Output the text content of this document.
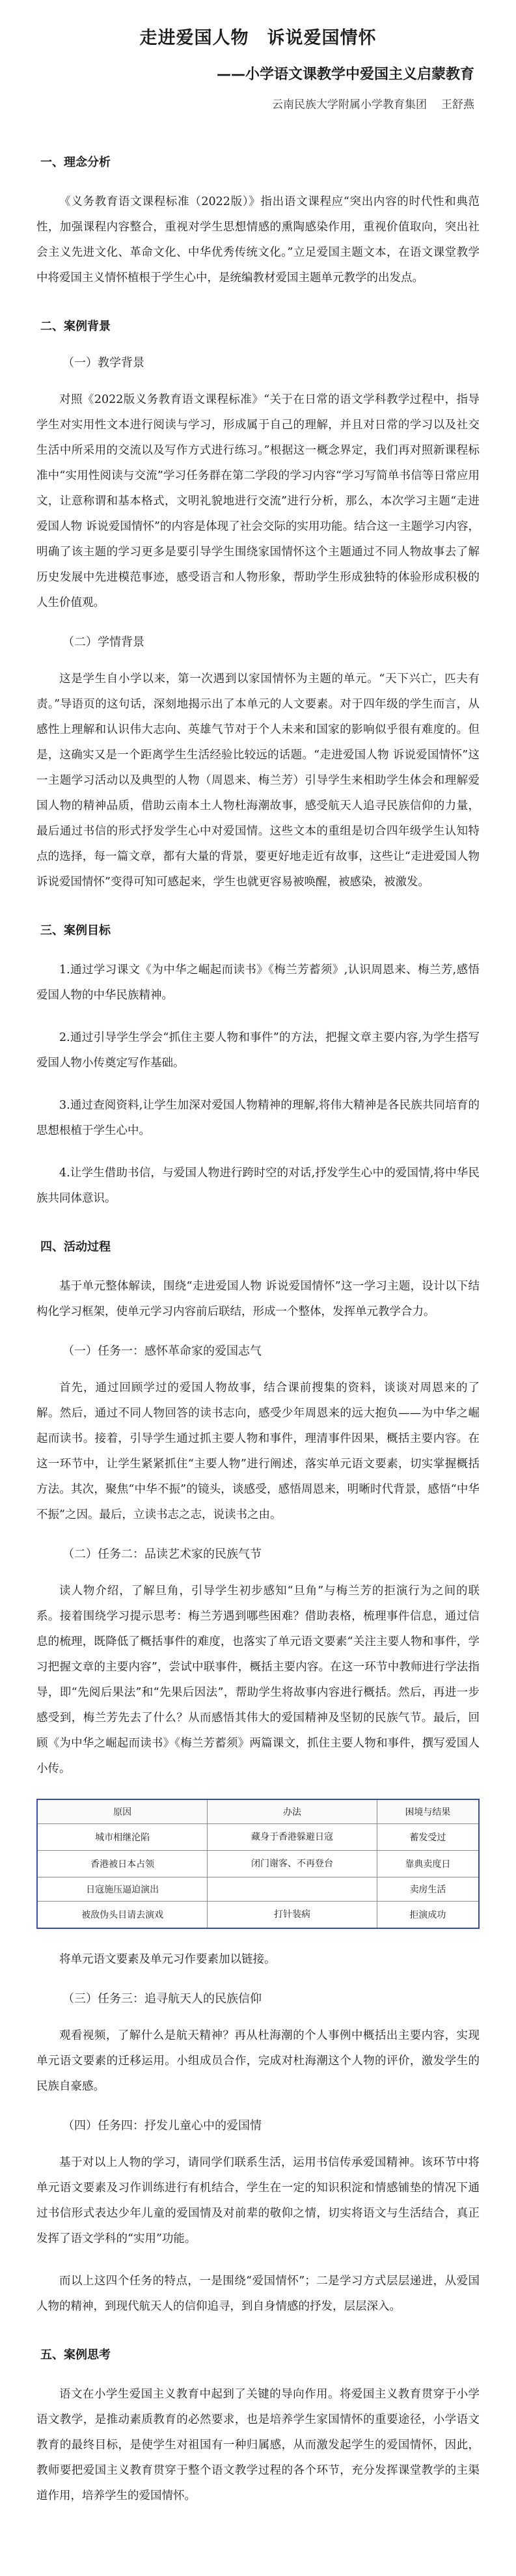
走进爱国人物 诉说爱国情怀
——小学语文课教学中爱国主义启蒙教育
云南民族大学附属小学教育集团 王舒燕
一、理念分析
《义务教育语文课程标准（2022版）》指出语文课程应“突出内容的时代性和典范性，加强课程内容整合，重视对学生思想情感的熏陶感染作用，重视价值取向，突出社会主义先进文化、革命文化、中华优秀传统文化。”立足爱国主题文本，在语文课堂教学中将爱国主义情怀植根于学生心中，是统编教材爱国主题单元教学的出发点。
二、案例背景
（一）教学背景
对照《2022版义务教育语文课程标准》“关于在日常的语文学科教学过程中，指导学生对实用性文本进行阅读与学习，形成属于自己的理解，并且对日常的学习以及社交生活中所采用的交流以及写作方式进行练习。”根据这一概念界定，我们再对照新课程标准中“实用性阅读与交流”学习任务群在第二学段的学习内容“学习写简单书信等日常应用文，让意称谓和基本格式，文明礼貌地进行交流”进行分析，那么，本次学习主题“走进爱国人物 诉说爱国情怀”的内容是体现了社会交际的实用功能。结合这一主题学习内容，明确了该主题的学习更多是要引导学生围绕家国情怀这个主题通过不同人物故事去了解历史发展中先进模范事迹，感受语言和人物形象，帮助学生形成独特的体验形成积极的人生价值观。
（二）学情背景
这是学生自小学以来，第一次遇到以家国情怀为主题的单元。“天下兴亡，匹夫有责。”导语页的这句话，深刻地揭示出了本单元的人文要素。对于四年级的学生而言，从感性上理解和认识伟大志向、英雄气节对于个人未来和国家的影响似乎很有难度的。但是，这确实又是一个距离学生生活经验比较远的话题。“走进爱国人物 诉说爱国情怀”这一主题学习活动以及典型的人物（周恩来、梅兰芳）引导学生来相助学生体会和理解爱国人物的精神品质，借助云南本土人物杜海潮故事，感受航天人追寻民族信仰的力量，最后通过书信的形式抒发学生心中对爱国情。这些文本的重组是切合四年级学生认知特点的选择，每一篇文章，都有大量的背景，要更好地走近有故事，这些让“走进爱国人物 诉说爱国情怀”变得可知可感起来，学生也就更容易被唤醒，被感染，被激发。
三、案例目标
1.通过学习课文《为中华之崛起而读书》《梅兰芳蓄须》,认识周恩来、梅兰芳,感悟爱国人物的中华民族精神。
2.通过引导学生学会“抓住主要人物和事件”的方法，把握文章主要内容,为学生搭写爱国人物小传奠定写作基础。
3.通过查阅资料,让学生加深对爱国人物精神的理解,将伟大精神是各民族共同培育的思想根植于学生心中。
4.让学生借助书信，与爱国人物进行跨时空的对话,抒发学生心中的爱国情,将中华民族共同体意识。
四、活动过程
基于单元整体解读，围绕“走进爱国人物 诉说爱国情怀”这一学习主题，设计以下结构化学习框架，使单元学习内容前后联结，形成一个整体，发挥单元教学合力。
（一）任务一：感怀革命家的爱国志气
首先，通过回顾学过的爱国人物故事，结合课前搜集的资料，谈谈对周恩来的了解。然后，通过不同人物回答的读书志向，感受少年周恩来的远大抱负——为中华之崛起而读书。接着，引导学生通过抓主要人物和事件，理清事件因果，概括主要内容。在这一环节中，让学生紧紧抓住“主要人物”进行阐述，落实单元语文要素，切实掌握概括方法。其次，聚焦“中华不振”的镜头，谈感受，感悟周恩来，明晰时代背景，感悟“中华不振”之因。最后，立读书志之志，说读书之由。
（二）任务二：品读艺术家的民族气节
读人物介绍，了解旦角，引导学生初步感知“旦角”与梅兰芳的拒演行为之间的联系。接着围绕学习提示思考：梅兰芳遇到哪些困难？借助表格，梳理事件信息，通过信息的梳理，既降低了概括事件的难度，也落实了单元语文要素“关注主要人物和事件，学习把握文章的主要内容”，尝试中联事件，概括主要内容。在这一环节中教师进行学法指导，即“先阅后果法”和“先果后因法”，帮助学生将故事内容进行概括。然后，再进一步感受到，梅兰芳先去了什么？从而感悟其伟大的爱国精神及坚韧的民族气节。最后，回顾《为中华之崛起而读书》《梅兰芳蓄须》两篇课文，抓住主要人物和事件，撰写爱国人小传。
原因	办法	困境与结果
城市相继沦陷	藏身于香港躲避日寇	蓄发受过
香港被日本占领	闭门谢客、不再登台	靠典卖度日
日寇施压逼迫演出		卖房生活
被敌伪头目请去演戏	打针装病	拒演成功
将单元语文要素及单元习作要素加以链接。
（三）任务三：追寻航天人的民族信仰
观看视频，了解什么是航天精神？再从杜海潮的个人事例中概括出主要内容，实现单元语文要素的迁移运用。小组成员合作，完成对杜海潮这个人物的评价，激发学生的民族自豪感。
（四）任务四：抒发儿童心中的爱国情
基于对以上人物的学习，请同学们联系生活，运用书信传承爱国精神。该环节中将单元语文要素及习作训练进行有机结合，学生在一定的知识积淀和情感铺垫的情况下通过书信形式表达少年儿童的爱国情及对前辈的敬仰之情，切实将语文与生活结合，真正发挥了语文学科的“实用”功能。
而以上这四个任务的特点，一是围绕“爱国情怀”；二是学习方式层层递进，从爱国人物的精神，到现代航天人的信仰追寻，到自身情感的抒发，层层深入。
五、案例思考
语文在小学生爱国主义教育中起到了关键的导向作用。将爱国主义教育贯穿于小学语文教学，是推动素质教育的必然要求，也是培养学生家国情怀的重要途径，小学语文教育的最终目标，是使学生对祖国有一种归属感，从而激发起学生的爱国情怀，因此，教师要把爱国主义教育贯穿于整个语文教学过程的各个环节，充分发挥课堂教学的主渠道作用，培养学生的爱国情怀。
